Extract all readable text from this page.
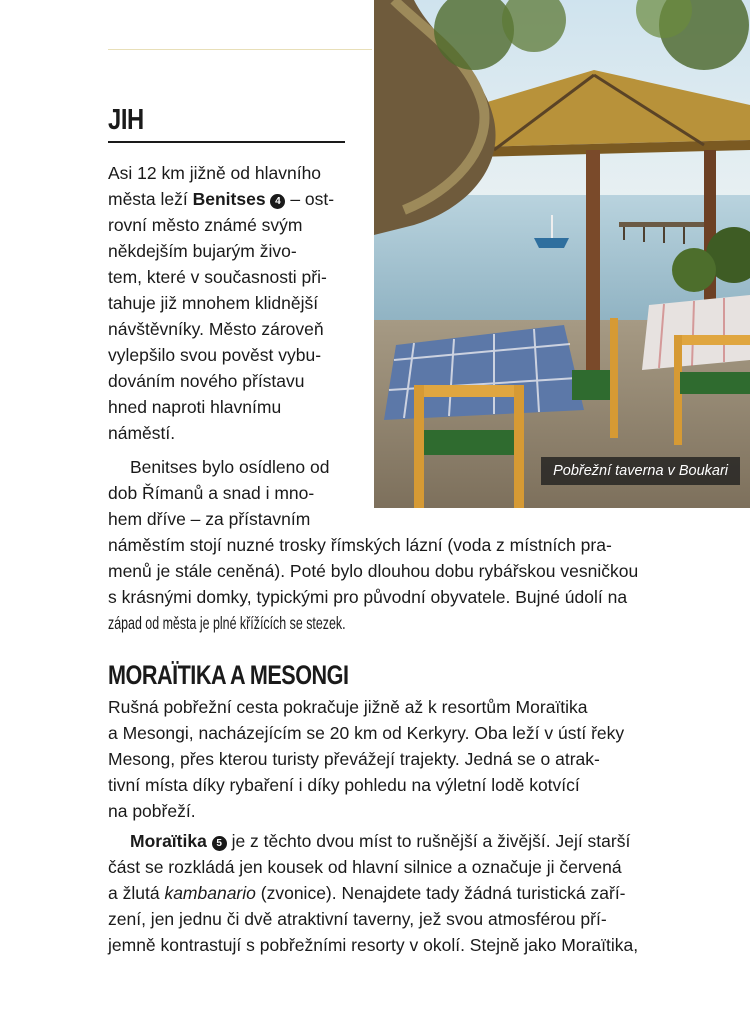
Pobřežní taverna v Boukari
JIH
Asi 12 km jižně od hlavního
města leží Benitses 4 – ost-
rovní město známé svým
někdejším bujarým živo-
tem, které v současnosti při-
tahuje již mnohem klidnější
návštěvníky. Město zároveň
vylepšilo svou pověst vybu-
dováním nového přístavu
hned naproti hlavnímu
náměstí.
Benitses bylo osídleno od
dob Římanů a snad i mno-
hem dříve – za přístavním
náměstím stojí nuzné trosky římských lázní (voda z místních pra-
menů je stále ceněná). Poté bylo dlouhou dobu rybářskou vesničkou
s krásnými domky, typickými pro původní obyvatele. Bujné údolí na
západ od města je plné křížících se stezek.
MORAÏTIKA A MESONGI
Rušná pobřežní cesta pokračuje jižně až k resortům Moraïtika
a Mesongi, nacházejícím se 20 km od Kerkyry. Oba leží v ústí řeky
Mesong, přes kterou turisty převážejí trajekty. Jedná se o atrak-
tivní místa díky rybaření i díky pohledu na výletní lodě kotvící
na pobřeží.
Moraïtika 5 je z těchto dvou míst to rušnější a živější. Její starší
část se rozkládá jen kousek od hlavní silnice a označuje ji červená
a žlutá kambanario (zvonice). Nenajdete tady žádná turistická zaří-
zení, jen jednu či dvě atraktivní taverny, jež svou atmosférou pří-
jemně kontrastují s pobřežními resorty v okolí. Stejně jako Moraïtika,
